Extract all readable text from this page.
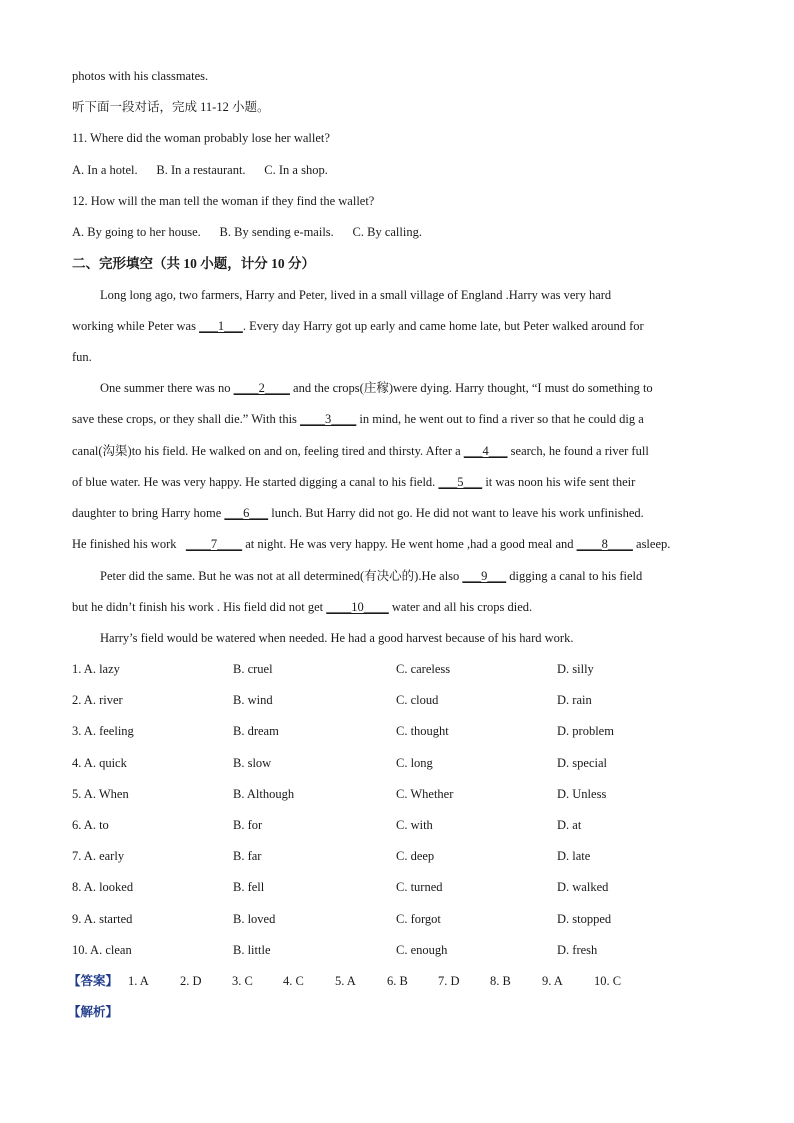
photos with his classmates.
听下面一段对话，完成 11-12 小题。
11. Where did the woman probably lose her wallet?
A. In a hotel.      B. In a restaurant.      C. In a shop.
12. How will the man tell the woman if they find the wallet?
A. By going to her house.      B. By sending e-mails.      C. By calling.
二、完形填空（共 10 小题，计分 10 分）
Long long ago, two farmers, Harry and Peter, lived in a small village of England .Harry was very hard
working while Peter was ___1___. Every day Harry got up early and came home late, but Peter walked around for
fun.
One summer there was no ____2____ and the crops(庄稼)were dying. Harry thought, “I must do something to
save these crops, or they shall die.” With this ____3____ in mind, he went out to find a river so that he could dig a
canal(沟渠)to his field. He walked on and on, feeling tired and thirsty. After a ___4___ search, he found a river full
of blue water. He was very happy. He started digging a canal to his field. ___5___ it was noon his wife sent their
daughter to bring Harry home ___6___ lunch. But Harry did not go. He did not want to leave his work unfinished.
He finished his work   ____7____ at night. He was very happy. He went home ,had a good meal and ____8____ asleep.
Peter did the same. But he was not at all determined(有决心的).He also ___9___ digging a canal to his field
but he didn’t finish his work . His field did not get ____10____ water and all his crops died.
Harry’s field would be watered when needed. He had a good harvest because of his hard work.
1. A. lazy	B. cruel	C. careless	D. silly
2. A. river	B. wind	C. cloud	D. rain
3. A. feeling	B. dream	C. thought	D. problem
4. A. quick	B. slow	C. long	D. special
5. A. When	B. Although	C. Whether	D. Unless
6. A. to	B. for	C. with	D. at
7. A. early	B. far	C. deep	D. late
8. A. looked	B. fell	C. turned	D. walked
9. A. started	B. loved	C. forgot	D. stopped
10. A. clean	B. little	C. enough	D. fresh
【答案】 1. A 2. D 3. C 4. C 5. A 6. B 7. D 8. B 9. A 10. C
【解析】
